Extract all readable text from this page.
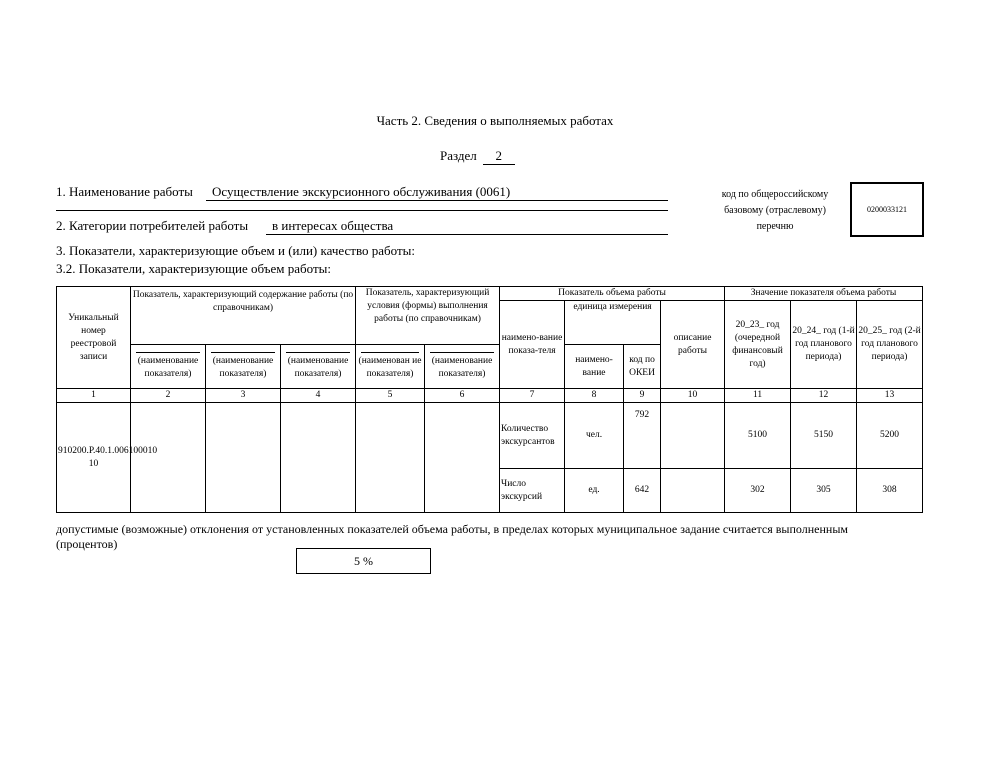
Часть 2. Сведения о выполняемых работах
Раздел 2
1. Наименование работы	Осуществление экскурсионного обслуживания (0061)
2. Категории потребителей работы	в интересах общества
код по общероссийскому
базовому (отраслевому)
перечню
0200033121
3. Показатели, характеризующие объем и (или) качество работы:
3.2. Показатели, характеризующие объем работы:
Уникальный номер реестровой записи	Показатель, характеризующий содержание работы (по справочникам)			Показатель, характеризующий условия (формы) выполнения работы (по справочникам)		Показатель объема работы				Значение показателя объема работы		
						наимено-вание показа-теля	единица измерения		описание работы	20_23_ год (очередной финансовый год)	20_24_ год (1-й год планового периода)	20_25_ год (2-й год планового периода)

(наименование показателя)	(наименование показателя)	(наименование показателя)	(наименован ие показателя)	(наименование показателя)		наимено-вание	код по ОКЕИ				
1	2	3	4	5	6	7	8	9	10	11	12	13
910200.Р.40.1.006100010 10						Количество экскурсантов	чел.	792		5100	5150	5200
						Число экскурсий	ед.	642		302	305	308
допустимые (возможные) отклонения от установленных показателей объема работы, в пределах которых муниципальное задание считается выполненным (процентов)
5 %
